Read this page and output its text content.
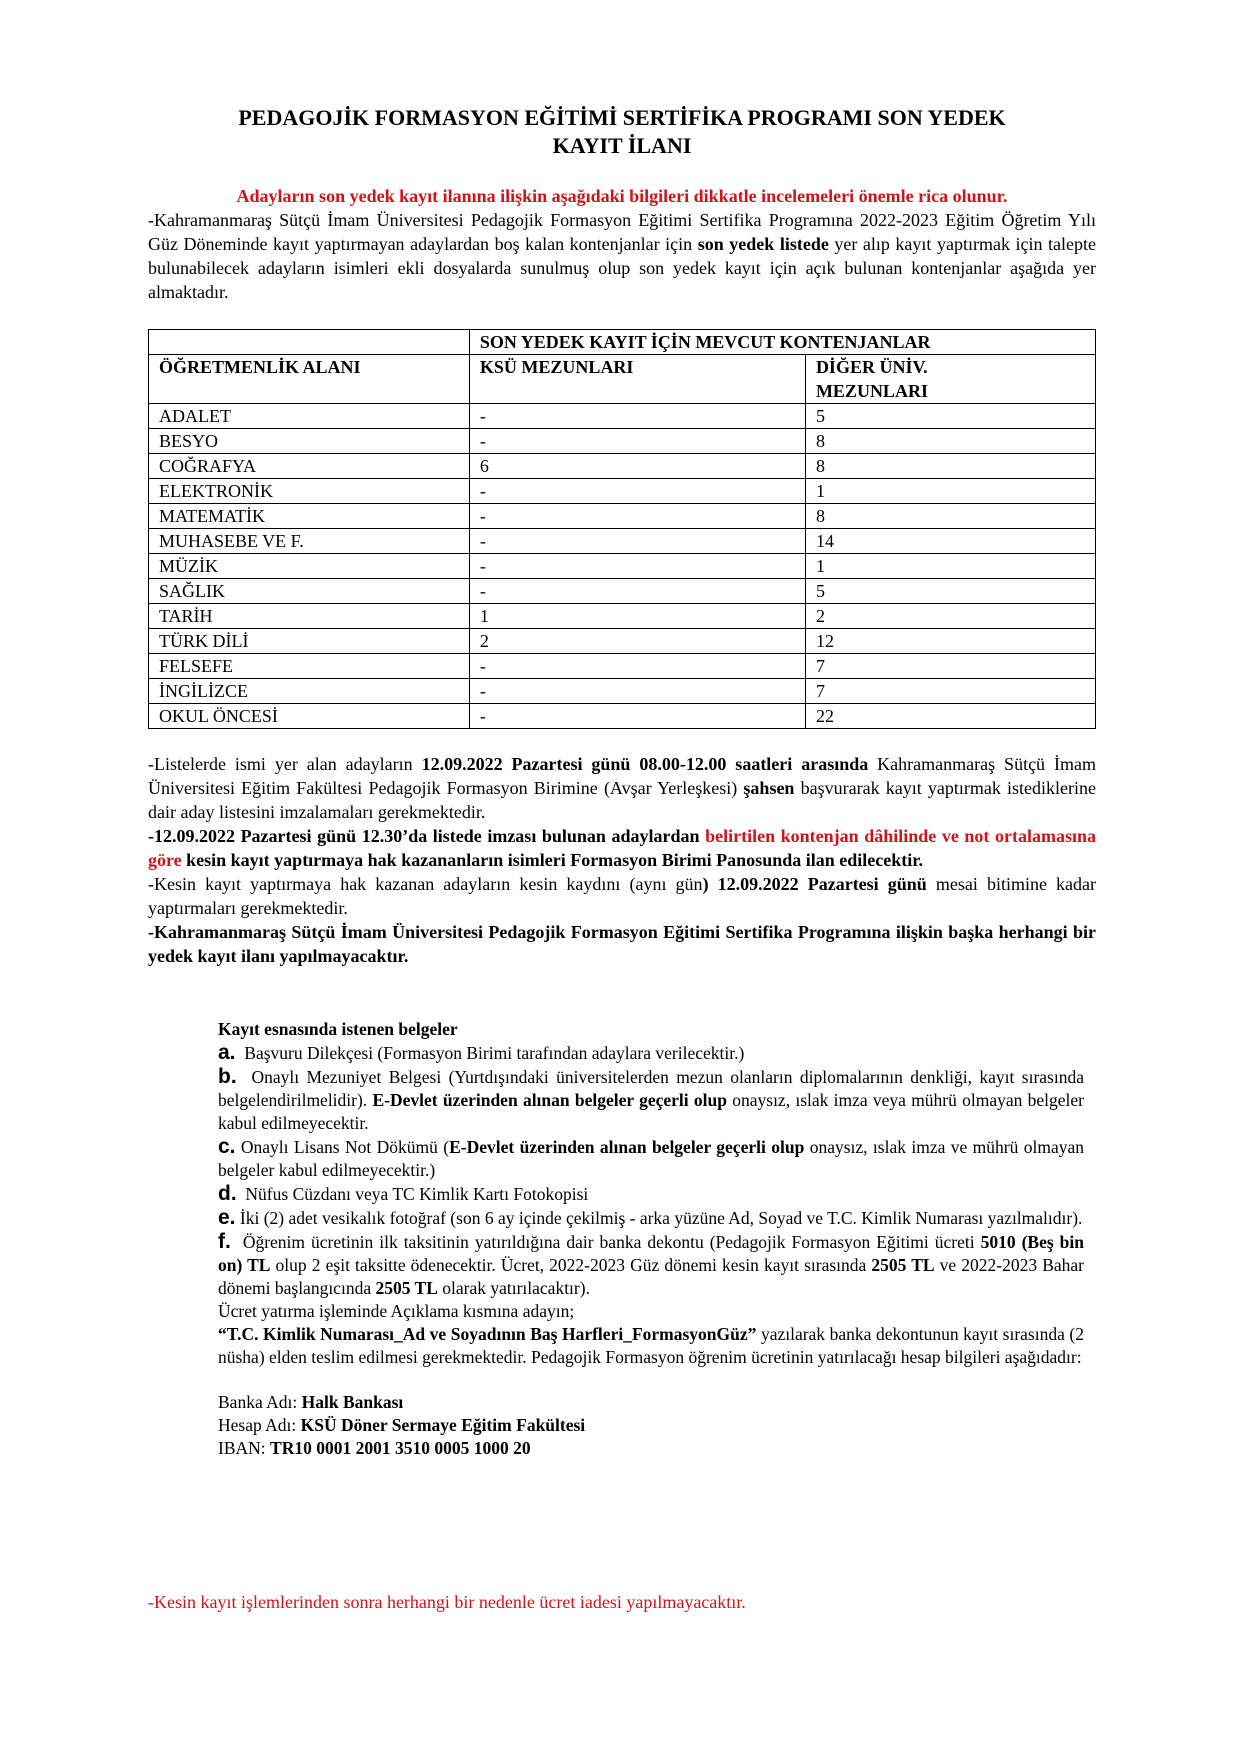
PEDAGOJİK FORMASYON EĞİTİMİ SERTİFİKA PROGRAMI SON YEDEK
KAYIT İLANI
Adayların son yedek kayıt ilanına ilişkin aşağıdaki bilgileri dikkatle incelemeleri önemle rica olunur.

-Kahramanmaraş Sütçü İmam Üniversitesi Pedagojik Formasyon Eğitimi Sertifika Programına 2022-2023 Eğitim Öğretim Yılı Güz Döneminde kayıt yaptırmayan adaylardan boş kalan kontenjanlar için son yedek listede yer alıp kayıt yaptırmak için talepte bulunabilecek adayların isimleri ekli dosyalarda sunulmuş olup son yedek kayıt için açık bulunan kontenjanlar aşağıda yer almaktadır.

	SON YEDEK KAYIT İÇİN MEVCUT KONTENJANLAR	
ÖĞRETMENLİK ALANI	KSÜ MEZUNLARI	DİĞER ÜNİV.
MEZUNLARI
ADALET	-	5
BESYO	-	8
COĞRAFYA	6	8
ELEKTRONİK	-	1
MATEMATİK	-	8
MUHASEBE VE F.	-	14
MÜZİK	-	1
SAĞLIK	-	5
TARİH	1	2
TÜRK DİLİ	2	12
FELSEFE	-	7
İNGİLİZCE	-	7
OKUL ÖNCESİ	-	22

-Listelerde ismi yer alan adayların 12.09.2022 Pazartesi günü 08.00-12.00 saatleri arasında Kahramanmaraş Sütçü İmam Üniversitesi Eğitim Fakültesi Pedagojik Formasyon Birimine (Avşar Yerleşkesi) şahsen başvurarak kayıt yaptırmak istediklerine dair aday listesini imzalamaları gerekmektedir.

-12.09.2022 Pazartesi günü 12.30’da listede imzası bulunan adaylardan belirtilen kontenjan dâhilinde ve not ortalamasına göre kesin kayıt yaptırmaya hak kazananların isimleri Formasyon Birimi Panosunda ilan edilecektir.

-Kesin kayıt yaptırmaya hak kazanan adayların kesin kaydını (aynı gün) 12.09.2022 Pazartesi günü mesai bitimine kadar yaptırmaları gerekmektedir.

-Kahramanmaraş Sütçü İmam Üniversitesi Pedagojik Formasyon Eğitimi Sertifika Programına ilişkin başka herhangi bir yedek kayıt ilanı yapılmayacaktır.

Kayıt esnasında istenen belgeler

a. Başvuru Dilekçesi (Formasyon Birimi tarafından adaylara verilecektir.)

b. Onaylı Mezuniyet Belgesi (Yurtdışındaki üniversitelerden mezun olanların diplomalarının denkliği, kayıt sırasında belgelendirilmelidir). E-Devlet üzerinden alınan belgeler geçerli olup onaysız, ıslak imza veya mührü olmayan belgeler kabul edilmeyecektir.

c. Onaylı Lisans Not Dökümü (E-Devlet üzerinden alınan belgeler geçerli olup onaysız, ıslak imza ve mührü olmayan belgeler kabul edilmeyecektir.)

d. Nüfus Cüzdanı veya TC Kimlik Kartı Fotokopisi

e. İki (2) adet vesikalık fotoğraf (son 6 ay içinde çekilmiş - arka yüzüne Ad, Soyad ve T.C. Kimlik Numarası yazılmalıdır).

f. Öğrenim ücretinin ilk taksitinin yatırıldığına dair banka dekontu (Pedagojik Formasyon Eğitimi ücreti 5010 (Beş bin on) TL olup 2 eşit taksitte ödenecektir. Ücret, 2022-2023 Güz dönemi kesin kayıt sırasında 2505 TL ve 2022-2023 Bahar dönemi başlangıcında 2505 TL olarak yatırılacaktır).

Ücret yatırma işleminde Açıklama kısmına adayın;

“T.C. Kimlik Numarası_Ad ve Soyadının Baş Harfleri_FormasyonGüz” yazılarak banka dekontunun kayıt sırasında (2 nüsha) elden teslim edilmesi gerekmektedir. Pedagojik Formasyon öğrenim ücretinin yatırılacağı hesap bilgileri aşağıdadır:

Banka Adı: Halk Bankası

Hesap Adı: KSÜ Döner Sermaye Eğitim Fakültesi

IBAN: TR10 0001 2001 3510 0005 1000 20

-Kesin kayıt işlemlerinden sonra herhangi bir nedenle ücret iadesi yapılmayacaktır.
